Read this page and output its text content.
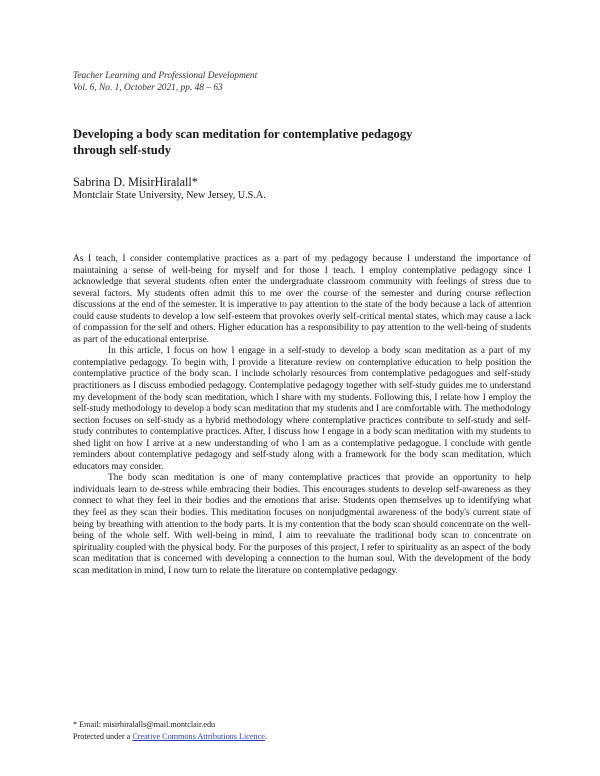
Teacher Learning and Professional Development
Vol. 6, No. 1, October 2021, pp. 48 – 63
Developing a body scan meditation for contemplative pedagogy
through self-study
Sabrina D. MisirHiralall*
Montclair State University, New Jersey, U.S.A.

As I teach, I consider contemplative practices as a part of my pedagogy because I understand the importance of maintaining a sense of well-being for myself and for those I teach. I employ contemplative pedagogy since I acknowledge that several students often enter the undergraduate classroom community with feelings of stress due to several factors. My students often admit this to me over the course of the semester and during course reflection discussions at the end of the semester. It is imperative to pay attention to the state of the body because a lack of attention could cause students to develop a low self-esteem that provokes overly self-critical mental states, which may cause a lack of compassion for the self and others. Higher education has a responsibility to pay attention to the well-being of students as part of the educational enterprise.

In this article, I focus on how I engage in a self-study to develop a body scan meditation as a part of my contemplative pedagogy. To begin with, I provide a literature review on contemplative education to help position the contemplative practice of the body scan. I include scholarly resources from contemplative pedagogues and self-study practitioners as I discuss embodied pedagogy. Contemplative pedagogy together with self-study guides me to understand my development of the body scan meditation, which I share with my students. Following this, I relate how I employ the self-study methodology to develop a body scan meditation that my students and I are comfortable with. The methodology section focuses on self-study as a hybrid methodology where contemplative practices contribute to self-study and self-study contributes to contemplative practices. After, I discuss how I engage in a body scan meditation with my students to shed light on how I arrive at a new understanding of who I am as a contemplative pedagogue. I conclude with gentle reminders about contemplative pedagogy and self-study along with a framework for the body scan meditation, which educators may consider.

The body scan meditation is one of many contemplative practices that provide an opportunity to help individuals learn to de-stress while embracing their bodies. This encourages students to develop self-awareness as they connect to what they feel in their bodies and the emotions that arise. Students open themselves up to identifying what they feel as they scan their bodies. This meditation focuses on nonjudgmental awareness of the body's current state of being by breathing with attention to the body parts. It is my contention that the body scan should concentrate on the well-being of the whole self. With well-being in mind, I aim to reevaluate the traditional body scan to concentrate on spirituality coupled with the physical body. For the purposes of this project, I refer to spirituality as an aspect of the body scan meditation that is concerned with developing a connection to the human soul. With the development of the body scan meditation in mind, I now turn to relate the literature on contemplative pedagogy.

* Email: misirhiralalls@mail.montclair.edu
Protected under a Creative Commons Attributions Licence.
